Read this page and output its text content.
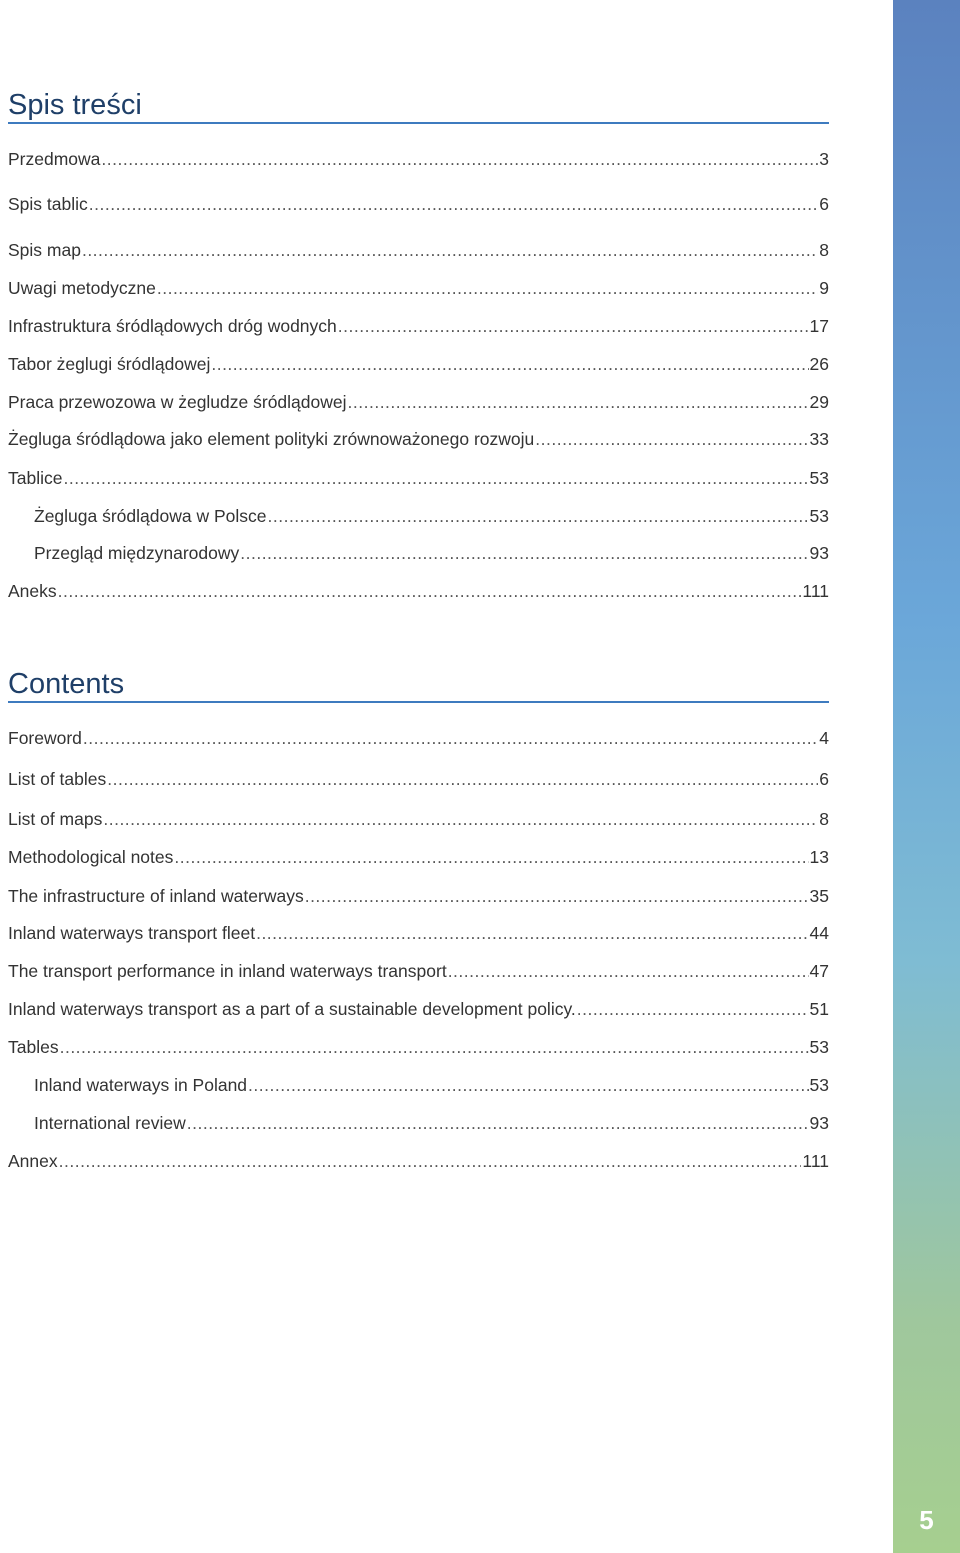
Spis treści
Przedmowa .....	3
Spis tablic .....	6
Spis map .....	8
Uwagi metodyczne .....	9
Infrastruktura śródlądowych dróg wodnych .....	17
Tabor żeglugi śródlądowej .....	26
Praca przewozowa w żegludze śródlądowej .....	29
Żegluga śródlądowa jako element polityki zrównoważonego rozwoju .....	33
Tablice .....	53
Żegluga śródlądowa w Polsce .....	53
Przegląd międzynarodowy .....	93
Aneks .....	111
Contents
Foreword .....	4
List of tables .....	6
List of maps .....	8
Methodological notes .....	13
The infrastructure of inland waterways .....	35
Inland waterways transport fleet .....	44
The transport performance in inland waterways transport .....	47
Inland waterways transport as a part of a sustainable development policy. .....	51
Tables .....	53
Inland waterways in Poland .....	53
International review .....	93
Annex .....	111
5
